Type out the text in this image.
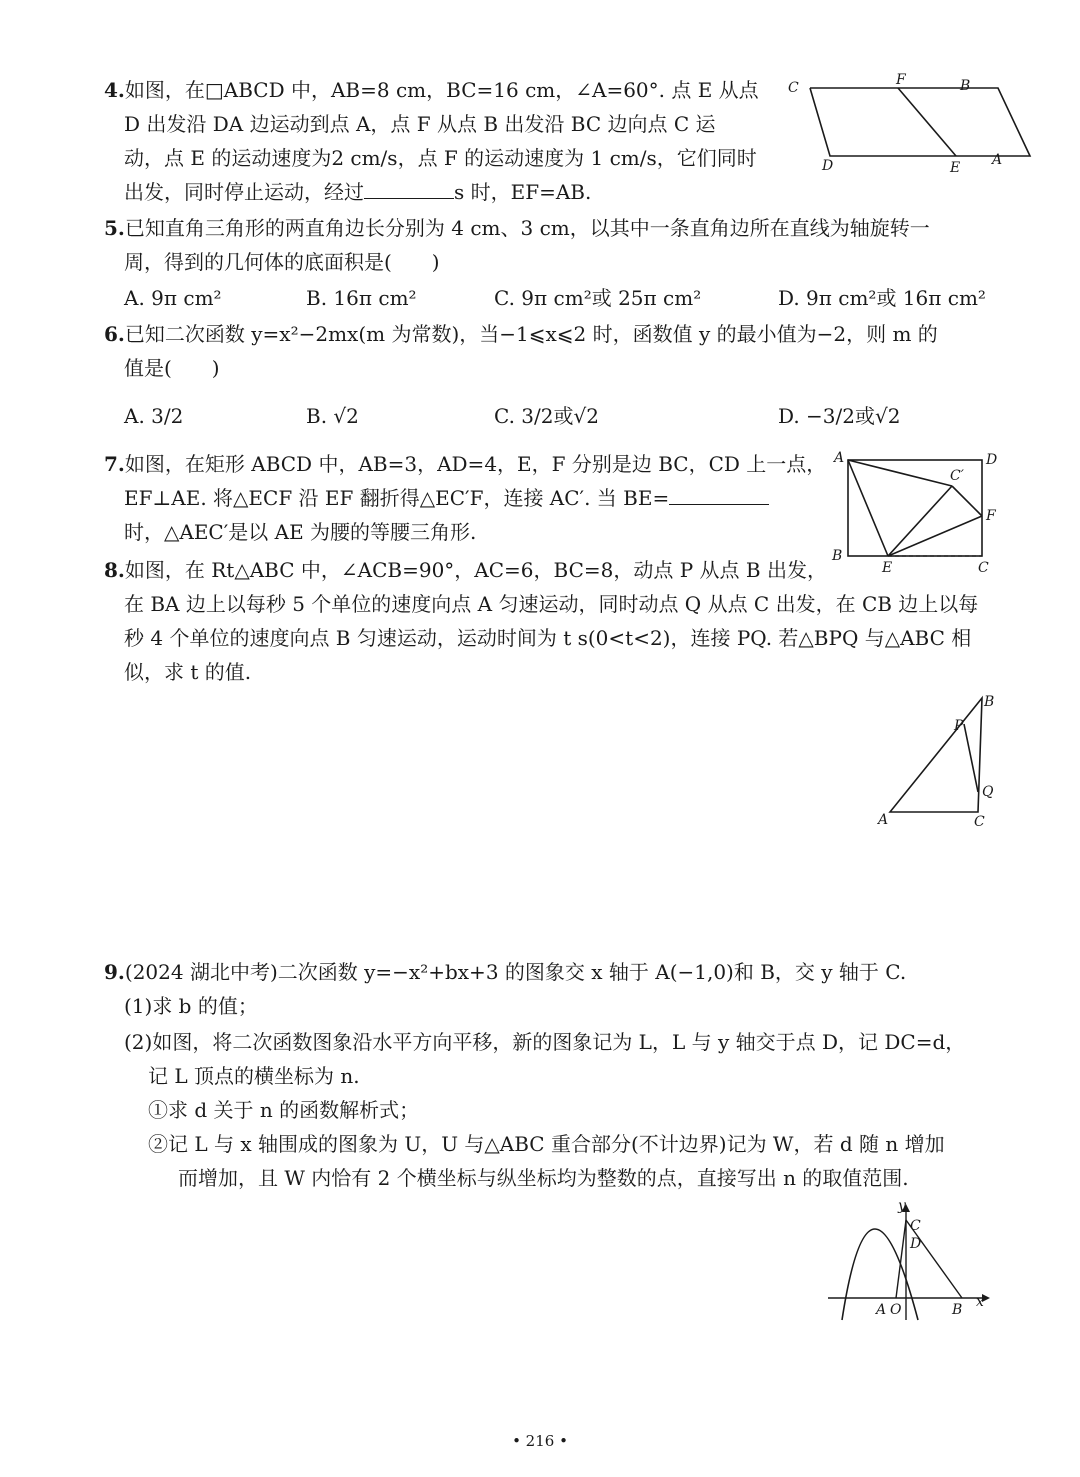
4.如图，在□ABCD 中，AB=8 cm，BC=16 cm，∠A=60°. 点 E 从点
D 出发沿 DA 边运动到点 A，点 F 从点 B 出发沿 BC 边向点 C 运
动，点 E 的运动速度为2 cm/s，点 F 的运动速度为 1 cm/s，它们同时
出发，同时停止运动，经过	s 时，EF=AB.
C	F	B
D	E A
5.已知直角三角形的两直角边长分别为 4 cm、3 cm，以其中一条直角边所在直线为轴旋转一
周，得到的几何体的底面积是(　　)
A. 9π cm²	B. 16π cm²	C. 9π cm²或 25π cm²	D. 9π cm²或 16π cm²
6.已知二次函数 y=x²−2mx(m 为常数)，当−1⩽x⩽2 时，函数值 y 的最小值为−2，则 m 的
值是(　　)
A. 3/2	B. √2	C. 3/2或√2	D. −3/2或√2
7.如图，在矩形 ABCD 中，AB=3，AD=4，E，F 分别是边 BC，CD 上一点，
EF⊥AE. 将△ECF 沿 EF 翻折得△EC′F，连接 AC′. 当 BE=
时，△AEC′是以 AE 为腰的等腰三角形.
A	D
C′
F
B
E	C
8.如图，在 Rt△ABC 中，∠ACB=90°，AC=6，BC=8，动点 P 从点 B 出发，
在 BA 边上以每秒 5 个单位的速度向点 A 匀速运动，同时动点 Q 从点 C 出发，在 CB 边上以每
秒 4 个单位的速度向点 B 匀速运动，运动时间为 t s(0<t<2)，连接 PQ. 若△BPQ 与△ABC 相
似，求 t 的值.
B
P
Q
A	C
9.(2024 湖北中考)二次函数 y=−x²+bx+3 的图象交 x 轴于 A(−1,0)和 B，交 y 轴于 C.
(1)求 b 的值；
(2)如图，将二次函数图象沿水平方向平移，新的图象记为 L，L 与 y 轴交于点 D，记 DC=d，
记 L 顶点的横坐标为 n.
①求 d 关于 n 的函数解析式；
②记 L 与 x 轴围成的图象为 U，U 与△ABC 重合部分(不计边界)记为 W，若 d 随 n 增加
而增加，且 W 内恰有 2 个横坐标与纵坐标均为整数的点，直接写出 n 的取值范围.
y
C
D
A O	B x
• 216 •
